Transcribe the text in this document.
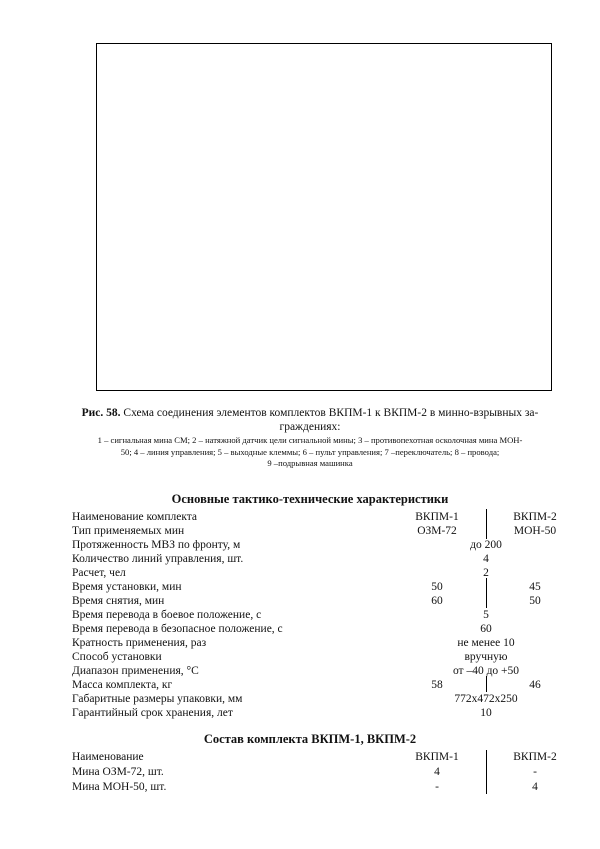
Рис. 58. Схема соединения элементов комплектов ВКПМ-1 к ВКПМ-2 в минно-взрывных за-
граждениях:
1 – сигнальная мина СМ; 2 – натяжной датчик цели сигнальной мины; 3 – противопехотная осколочная мина МОН-
50; 4 – линия управления; 5 – выходные клеммы; 6 – пульт управления; 7 –переключатель; 8 – провода;
9 –подрывная машинка
Основные тактико-технические характеристики
Наименование комплекта	ВКПМ-1	ВКПМ-2
Тип применяемых мин	ОЗМ-72	МОН-50
Протяженность МВЗ по фронту, м	до 200
Количество линий управления, шт.	4
Расчет, чел	2
Время установки, мин	50	45
Время снятия, мин	60	50
Время перевода в боевое положение, с	5
Время перевода в безопасное положение, с	60
Кратность применения, раз	не менее 10
Способ установки	вручную
Диапазон применения, °С	от –40 до +50
Масса комплекта, кг	58	46
Габаритные размеры упаковки, мм	772х472х250
Гарантийный срок хранения, лет	10
Состав комплекта ВКПМ-1, ВКПМ-2
Наименование	ВКПМ-1	ВКПМ-2
Мина ОЗМ-72, шт.	4	-
Мина МОН-50, шт.	-	4
